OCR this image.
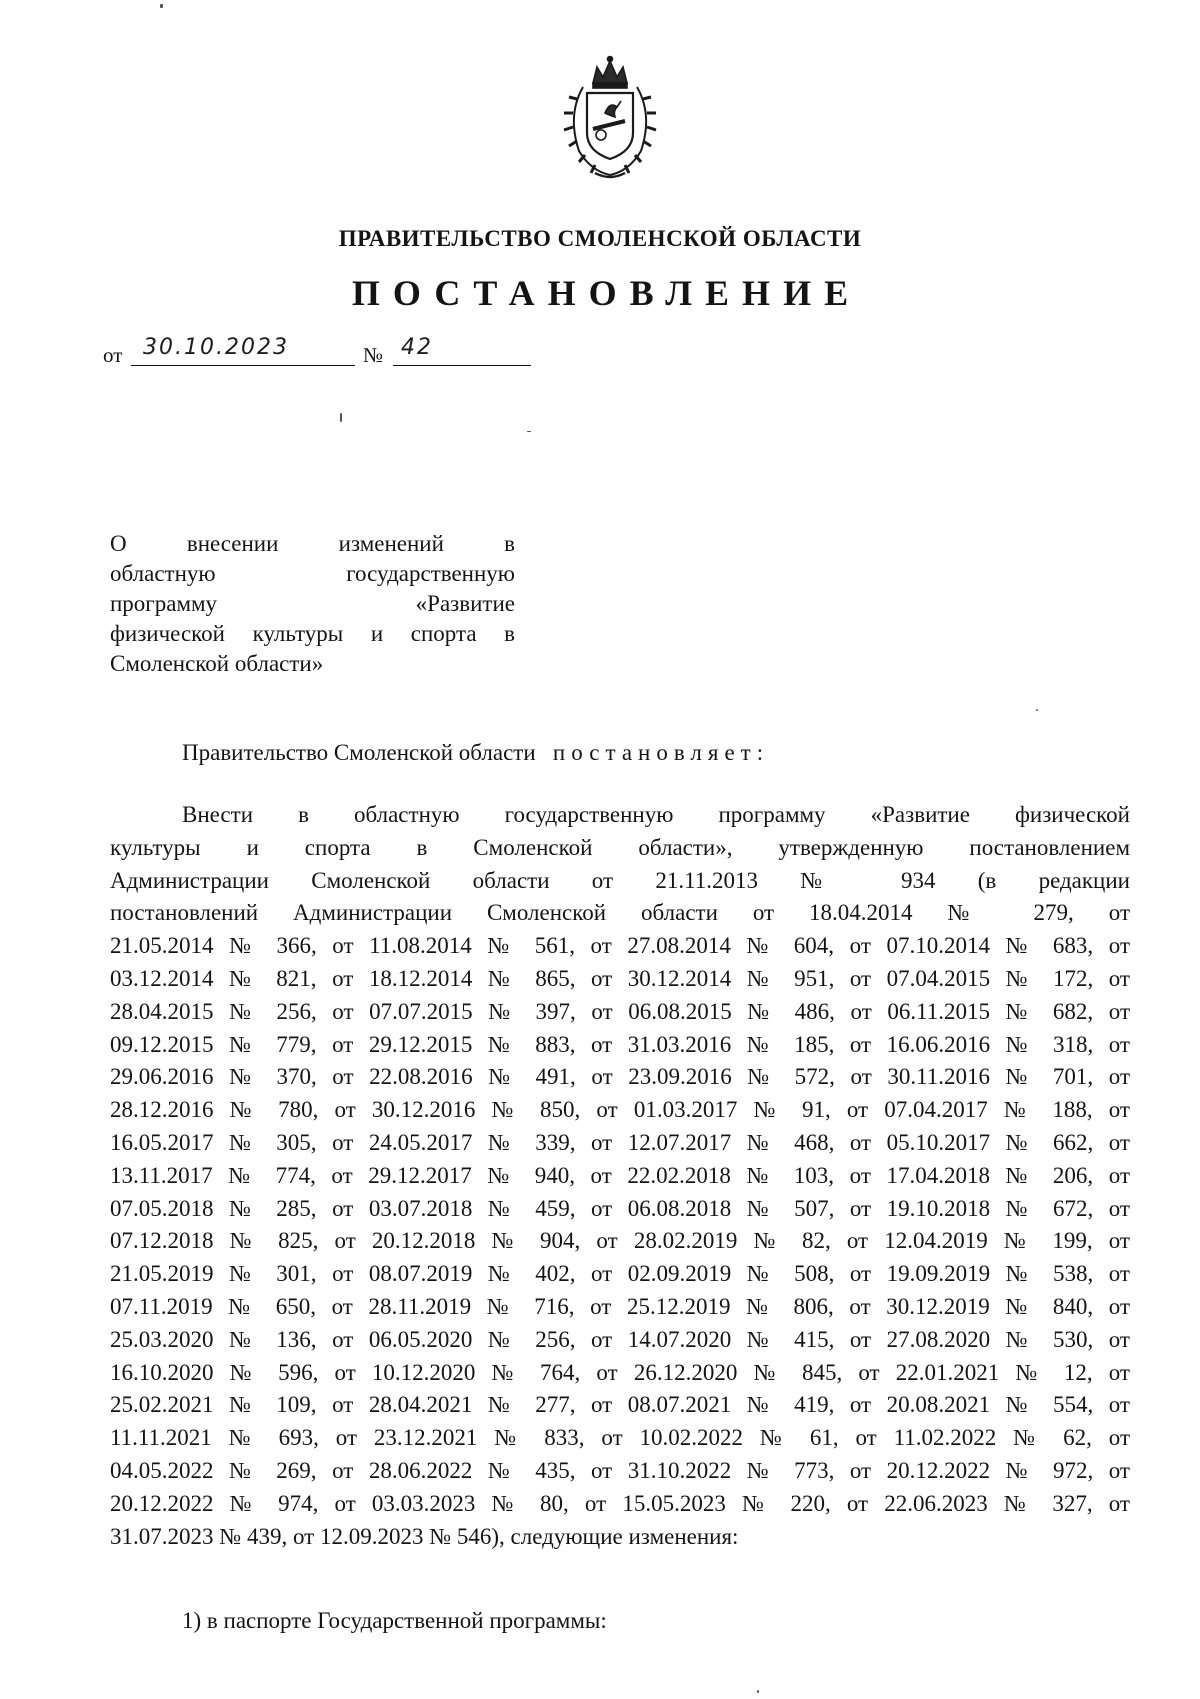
ПРАВИТЕЛЬСТВО СМОЛЕНСКОЙ ОБЛАСТИ
ПОСТАНОВЛЕНИЕ
от 30.10.2023	№ 42
О внесении изменений в
областную государственную
программу «Развитие
физической культуры и спорта в
Смоленской области»
Правительство Смоленской области постановляет:
Внести в областную государственную программу «Развитие физической
культуры и спорта в Смоленской области», утвержденную постановлением
Администрации Смоленской области от 21.11.2013 № 934 (в редакции
постановлений Администрации Смоленской области от 18.04.2014 № 279, от
21.05.2014 № 366, от 11.08.2014 № 561, от 27.08.2014 № 604, от 07.10.2014 № 683, от
03.12.2014 № 821, от 18.12.2014 № 865, от 30.12.2014 № 951, от 07.04.2015 № 172, от
28.04.2015 № 256, от 07.07.2015 № 397, от 06.08.2015 № 486, от 06.11.2015 № 682, от
09.12.2015 № 779, от 29.12.2015 № 883, от 31.03.2016 № 185, от 16.06.2016 № 318, от
29.06.2016 № 370, от 22.08.2016 № 491, от 23.09.2016 № 572, от 30.11.2016 № 701, от
28.12.2016 № 780, от 30.12.2016 № 850, от 01.03.2017 № 91, от 07.04.2017 № 188, от
16.05.2017 № 305, от 24.05.2017 № 339, от 12.07.2017 № 468, от 05.10.2017 № 662, от
13.11.2017 № 774, от 29.12.2017 № 940, от 22.02.2018 № 103, от 17.04.2018 № 206, от
07.05.2018 № 285, от 03.07.2018 № 459, от 06.08.2018 № 507, от 19.10.2018 № 672, от
07.12.2018 № 825, от 20.12.2018 № 904, от 28.02.2019 № 82, от 12.04.2019 № 199, от
21.05.2019 № 301, от 08.07.2019 № 402, от 02.09.2019 № 508, от 19.09.2019 № 538, от
07.11.2019 № 650, от 28.11.2019 № 716, от 25.12.2019 № 806, от 30.12.2019 № 840, от
25.03.2020 № 136, от 06.05.2020 № 256, от 14.07.2020 № 415, от 27.08.2020 № 530, от
16.10.2020 № 596, от 10.12.2020 № 764, от 26.12.2020 № 845, от 22.01.2021 № 12, от
25.02.2021 № 109, от 28.04.2021 № 277, от 08.07.2021 № 419, от 20.08.2021 № 554, от
11.11.2021 № 693, от 23.12.2021 № 833, от 10.02.2022 № 61, от 11.02.2022 № 62, от
04.05.2022 № 269, от 28.06.2022 № 435, от 31.10.2022 № 773, от 20.12.2022 № 972, от
20.12.2022 № 974, от 03.03.2023 № 80, от 15.05.2023 № 220, от 22.06.2023 № 327, от
31.07.2023 № 439, от 12.09.2023 № 546), следующие изменения:
1) в паспорте Государственной программы:
